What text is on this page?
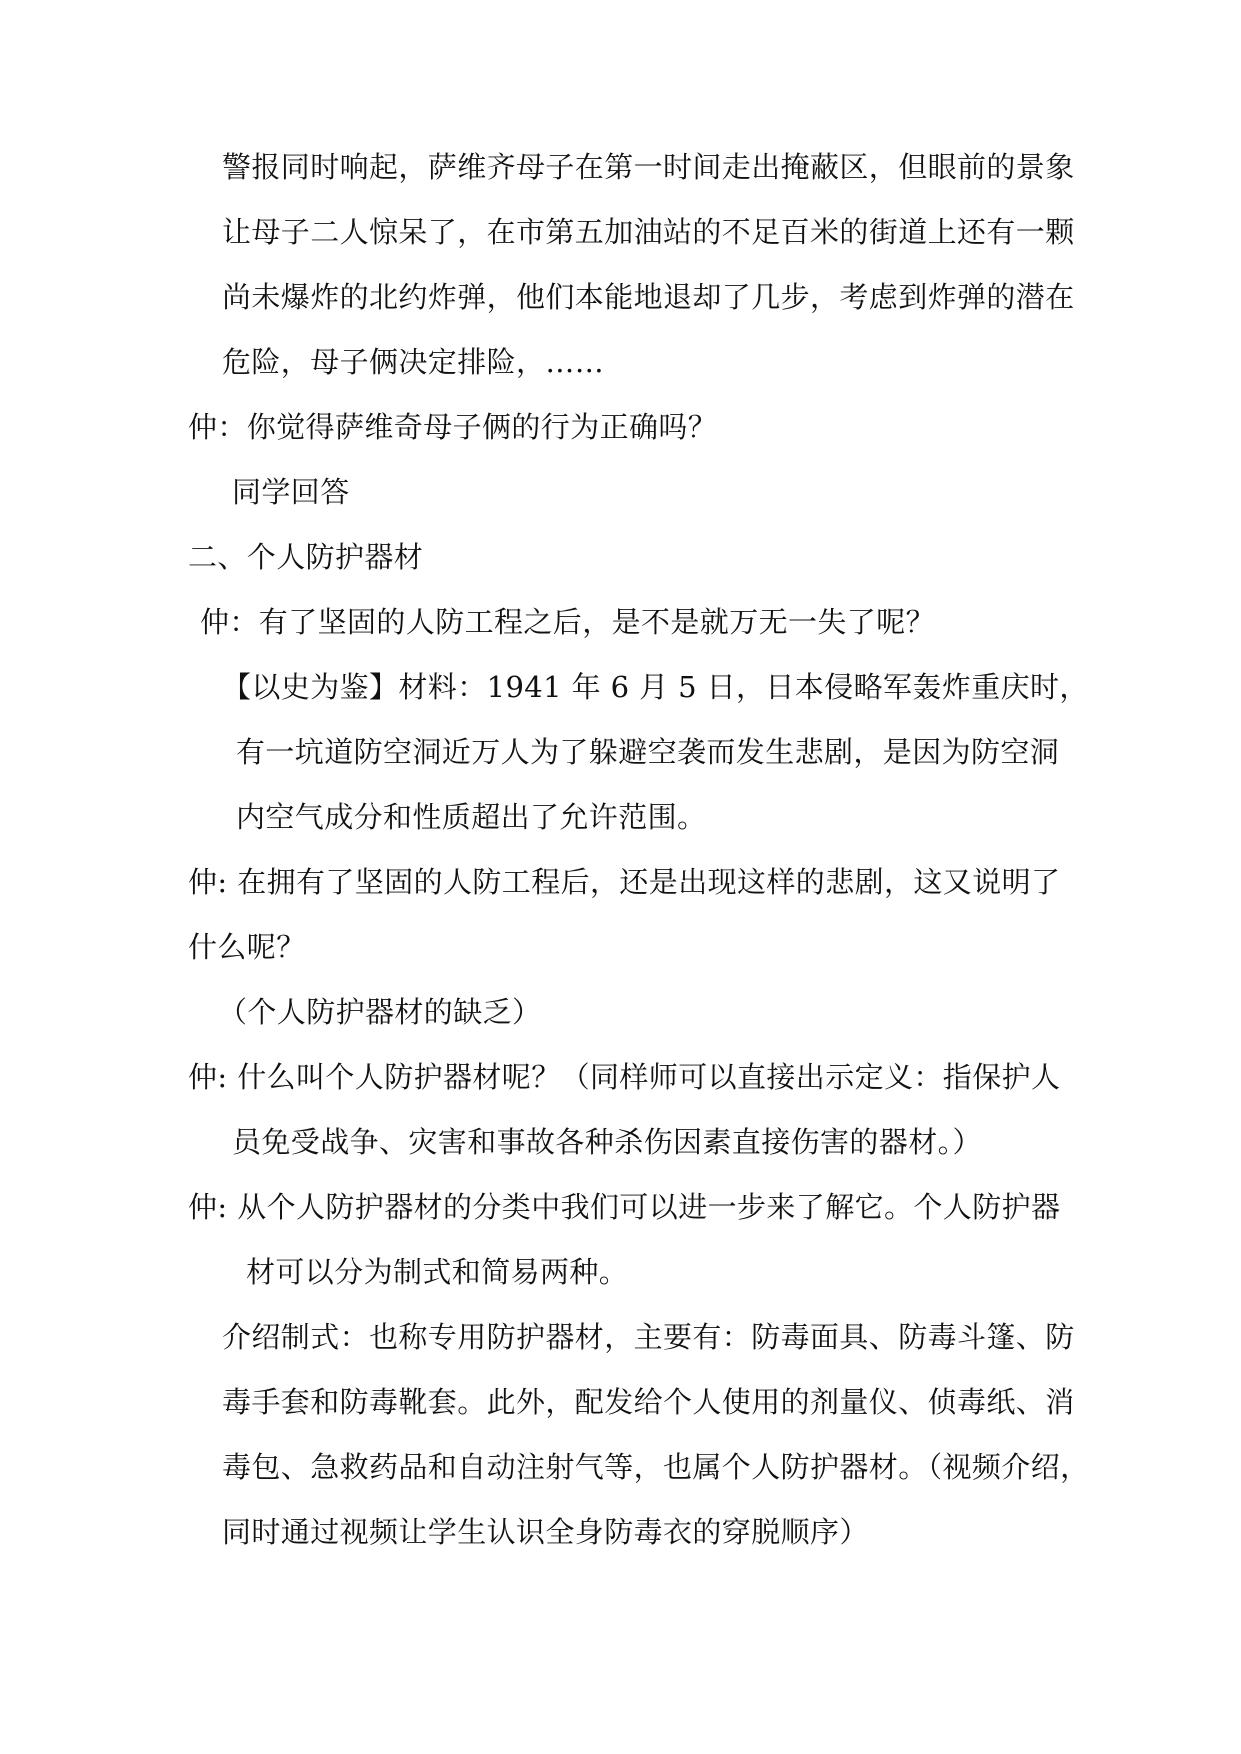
警报同时响起，萨维齐母子在第一时间走出掩蔽区，但眼前的景象
让母子二人惊呆了，在市第五加油站的不足百米的街道上还有一颗
尚未爆炸的北约炸弹，他们本能地退却了几步，考虑到炸弹的潜在
危险，母子俩决定排险，……
仲：你觉得萨维奇母子俩的行为正确吗？
同学回答
二、个人防护器材
仲：有了坚固的人防工程之后，是不是就万无一失了呢？
【以史为鉴】材料：1941 年 6 月 5 日，日本侵略军轰炸重庆时，
有一坑道防空洞近万人为了躲避空袭而发生悲剧，是因为防空洞
内空气成分和性质超出了允许范围。
仲: 在拥有了坚固的人防工程后，还是出现这样的悲剧，这又说明了
什么呢？
（个人防护器材的缺乏）
仲: 什么叫个人防护器材呢？（同样师可以直接出示定义：指保护人
员免受战争、灾害和事故各种杀伤因素直接伤害的器材。）
仲: 从个人防护器材的分类中我们可以进一步来了解它。个人防护器
材可以分为制式和简易两种。
介绍制式：也称专用防护器材，主要有：防毒面具、防毒斗篷、防
毒手套和防毒靴套。此外，配发给个人使用的剂量仪、侦毒纸、消
毒包、急救药品和自动注射气等，也属个人防护器材。（视频介绍，
同时通过视频让学生认识全身防毒衣的穿脱顺序）
